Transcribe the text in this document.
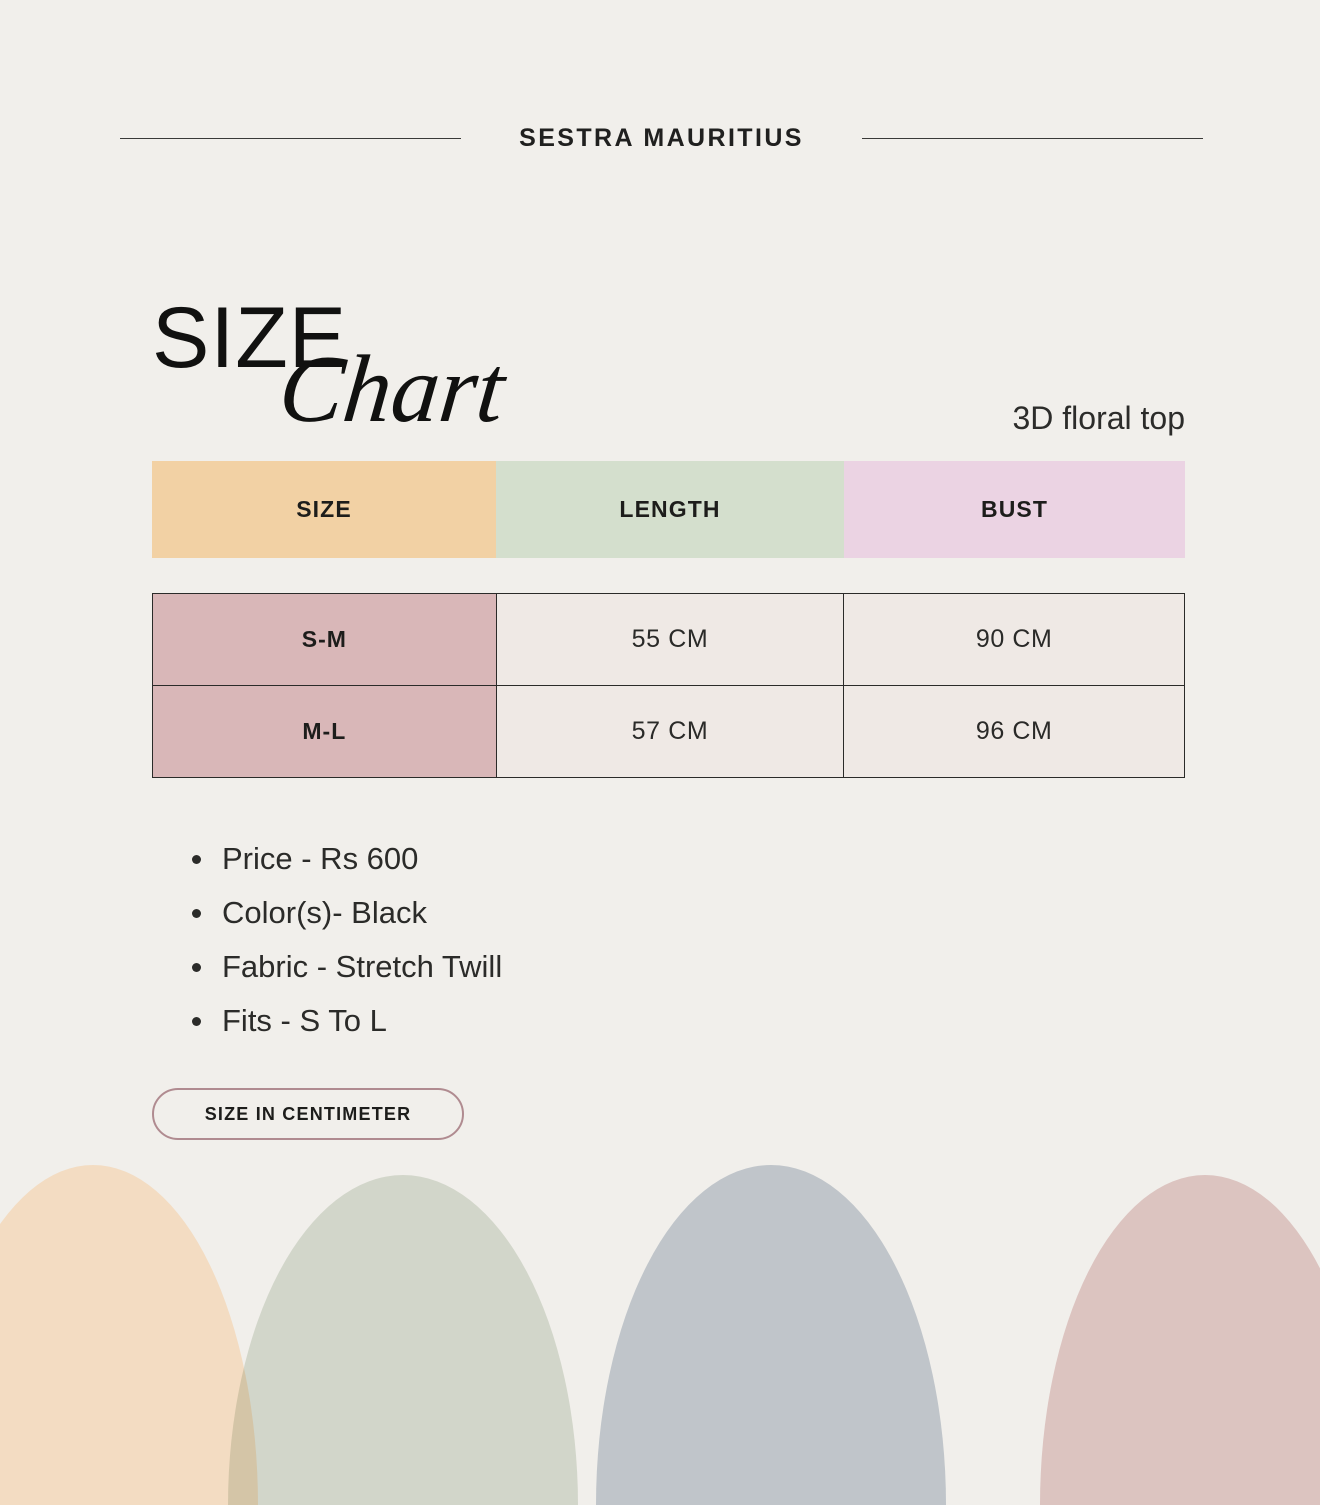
SESTRA MAURITIUS
SIZE
Chart	3D floral top
SIZE	LENGTH	BUST
S-M	55 CM	90 CM
M-L	57 CM	96 CM
Price - Rs 600
Color(s)- Black
Fabric - Stretch Twill
Fits - S To L
SIZE IN CENTIMETER
